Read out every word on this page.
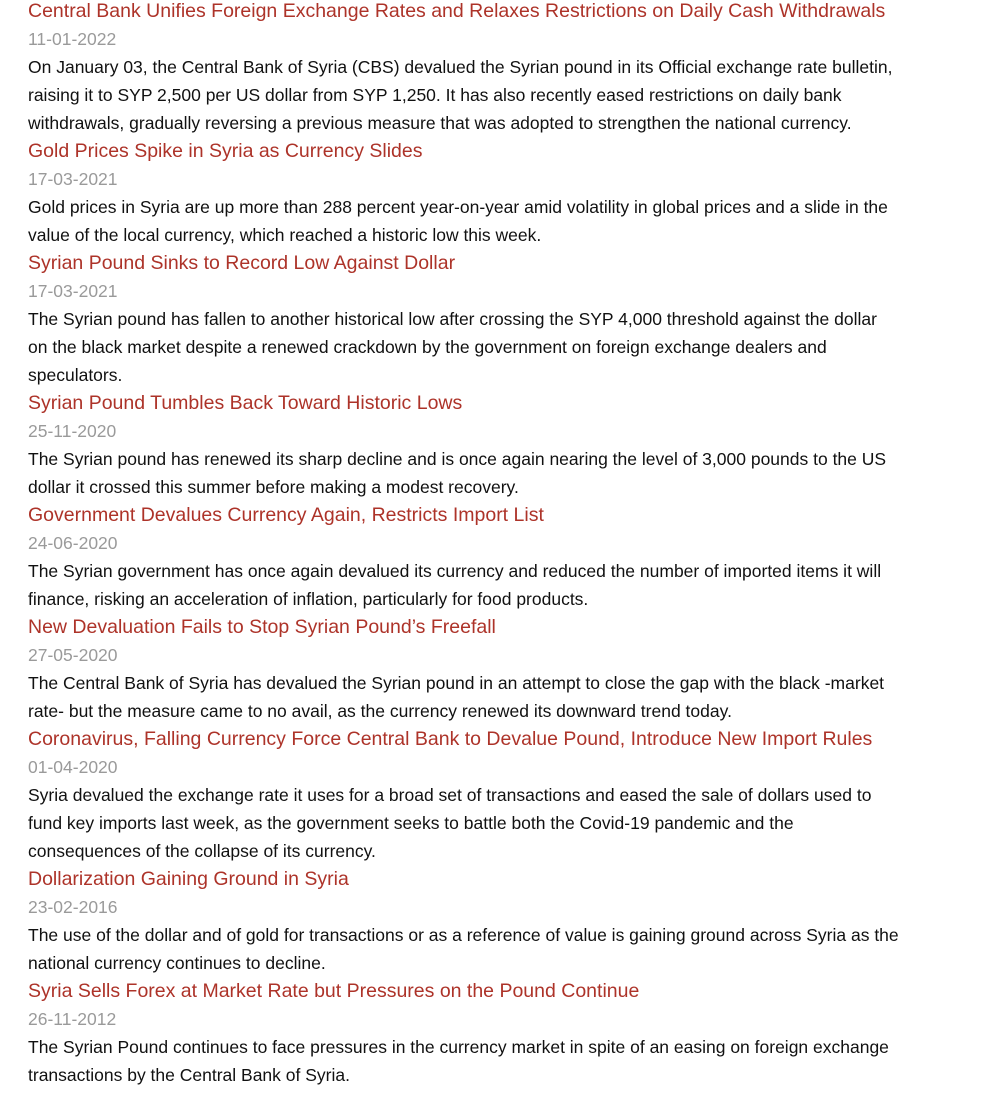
Central Bank Unifies Foreign Exchange Rates and Relaxes Restrictions on Daily Cash Withdrawals
11-01-2022

On January 03, the Central Bank of Syria (CBS) devalued the Syrian pound in its Official exchange rate bulletin, raising it to SYP 2,500 per US dollar from SYP 1,250. It has also recently eased restrictions on daily bank withdrawals, gradually reversing a previous measure that was adopted to strengthen the national currency.

Gold Prices Spike in Syria as Currency Slides
17-03-2021

Gold prices in Syria are up more than 288 percent year-on-year amid volatility in global prices and a slide in the value of the local currency, which reached a historic low this week.

Syrian Pound Sinks to Record Low Against Dollar
17-03-2021

The Syrian pound has fallen to another historical low after crossing the SYP 4,000 threshold against the dollar on the black market despite a renewed crackdown by the government on foreign exchange dealers and speculators.

Syrian Pound Tumbles Back Toward Historic Lows
25-11-2020

The Syrian pound has renewed its sharp decline and is once again nearing the level of 3,000 pounds to the US dollar it crossed this summer before making a modest recovery.

Government Devalues Currency Again, Restricts Import List
24-06-2020

The Syrian government has once again devalued its currency and reduced the number of imported items it will finance, risking an acceleration of inflation, particularly for food products.

New Devaluation Fails to Stop Syrian Pound’s Freefall
27-05-2020

The Central Bank of Syria has devalued the Syrian pound in an attempt to close the gap with the black -market rate- but the measure came to no avail, as the currency renewed its downward trend today.

Coronavirus, Falling Currency Force Central Bank to Devalue Pound, Introduce New Import Rules
01-04-2020

Syria devalued the exchange rate it uses for a broad set of transactions and eased the sale of dollars used to fund key imports last week, as the government seeks to battle both the Covid-19 pandemic and the consequences of the collapse of its currency.

Dollarization Gaining Ground in Syria
23-02-2016

The use of the dollar and of gold for transactions or as a reference of value is gaining ground across Syria as the national currency continues to decline.

Syria Sells Forex at Market Rate but Pressures on the Pound Continue
26-11-2012

The Syrian Pound continues to face pressures in the currency market in spite of an easing on foreign exchange transactions by the Central Bank of Syria.
